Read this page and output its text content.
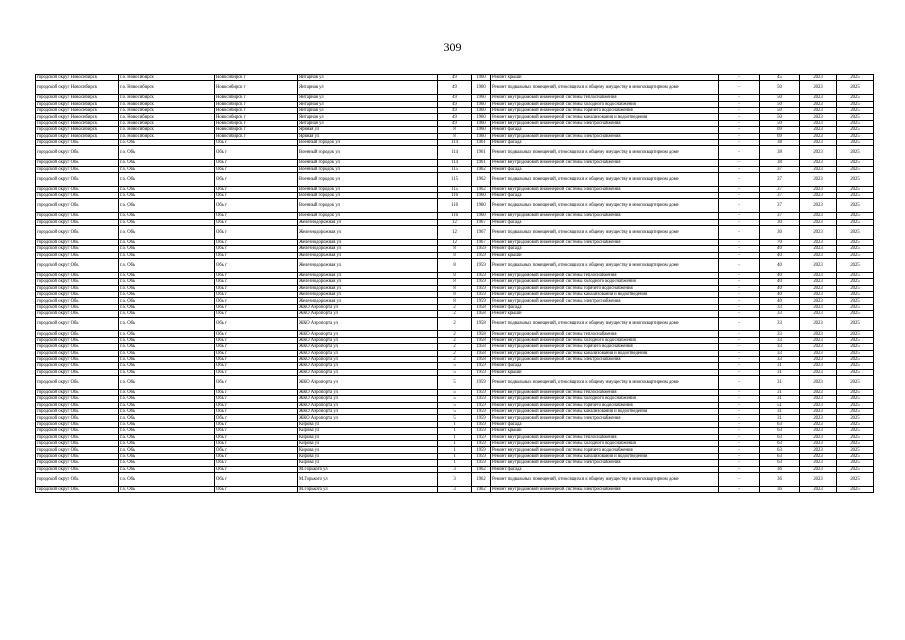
309
городской округ Новосибирск	г.о. Новосибирск	Новосибирск г	Янтарная ул	49	1960	Ремонт крыши	-	45	2023	2025
городской округ Новосибирск	г.о. Новосибирск	Новосибирск г	Янтарная ул	49	1960	Ремонт подвальных помещений, относящихся к общему имуществу в многоквартирном доме	-	50	2023	2025
городской округ Новосибирск	г.о. Новосибирск	Новосибирск г	Янтарная ул	49	1960	Ремонт внутридомовой инженерной системы теплоснабжения	-	50	2023	2025
городской округ Новосибирск	г.о. Новосибирск	Новосибирск г	Янтарная ул	49	1960	Ремонт внутридомовой инженерной системы холодного водоснабжения	-	50	2023	2025
городской округ Новосибирск	г.о. Новосибирск	Новосибирск г	Янтарная ул	49	1960	Ремонт внутридомовой инженерной системы горячего водоснабжения	-	50	2023	2025
городской округ Новосибирск	г.о. Новосибирск	Новосибирск г	Янтарная ул	49	1960	Ремонт внутридомовой инженерной системы канализования и водоотведения	-	50	2023	2025
городской округ Новосибирск	г.о. Новосибирск	Новосибирск г	Янтарная ул	49	1960	Ремонт внутридомовой инженерной системы электроснабжения	-	50	2023	2025
городской округ Новосибирск	г.о. Новосибирск	Новосибирск г	Ярвная ул	8	1960	Ремонт фасада	-	69	2023	2025
городской округ Новосибирск	г.о. Новосибирск	Новосибирск г	Ярвная ул	8	1960	Ремонт внутридомовой инженерной системы электроснабжения	-	69	2023	2025
городской округ Обь	г.о. Обь	Обь г	Военный городок ул	114	1961	Ремонт фасада	-	38	2023	2025
городской округ Обь	г.о. Обь	Обь г	Военный городок ул	114	1961	Ремонт подвальных помещений, относящихся к общему имуществу в многоквартирном доме	-	38	2023	2025
городской округ Обь	г.о. Обь	Обь г	Военный городок ул	114	1961	Ремонт внутридомовой инженерной системы электроснабжения	-	38	2023	2025
городской округ Обь	г.о. Обь	Обь г	Военный городок ул	115	1962	Ремонт фасада	-	37	2023	2025
городской округ Обь	г.о. Обь	Обь г	Военный городок ул	115	1962	Ремонт подвальных помещений, относящихся к общему имуществу в многоквартирном доме	-	37	2023	2025
городской округ Обь	г.о. Обь	Обь г	Военный городок ул	115	1962	Ремонт внутридомовой инженерной системы электроснабжения	-	37	2023	2025
городской округ Обь	г.о. Обь	Обь г	Военный городок ул	116	1960	Ремонт фасада	-	37	2023	2025
городской округ Обь	г.о. Обь	Обь г	Военный городок ул	116	1960	Ремонт подвальных помещений, относящихся к общему имуществу в многоквартирном доме	-	37	2023	2025
городской округ Обь	г.о. Обь	Обь г	Военный городок ул	116	1960	Ремонт внутридомовой инженерной системы электроснабжения	-	37	2023	2025
городской округ Обь	г.о. Обь	Обь г	Железнодорожная ул	12	1967	Ремонт фасада	-	30	2023	2025
городской округ Обь	г.о. Обь	Обь г	Железнодорожная ул	12	1967	Ремонт подвальных помещений, относящихся к общему имуществу в многоквартирном доме	-	30	2023	2025
городской округ Обь	г.о. Обь	Обь г	Железнодорожная ул	12	1967	Ремонт внутридомовой инженерной системы электроснабжения	-	70	2023	2025
городской округ Обь	г.о. Обь	Обь г	Железнодорожная ул	8	1959	Ремонт фасада	-	40	2023	2025
городской округ Обь	г.о. Обь	Обь г	Железнодорожная ул	8	1959	Ремонт крыши	-	40	2023	2025
городской округ Обь	г.о. Обь	Обь г	Железнодорожная ул	8	1959	Ремонт подвальных помещений, относящихся к общему имуществу в многоквартирном доме	-	40	2023	2025
городской округ Обь	г.о. Обь	Обь г	Железнодорожная ул	8	1959	Ремонт внутридомовой инженерной системы теплоснабжения	-	40	2023	2025
городской округ Обь	г.о. Обь	Обь г	Железнодорожная ул	8	1959	Ремонт внутридомовой инженерной системы холодного водоснабжения	-	40	2023	2025
городской округ Обь	г.о. Обь	Обь г	Железнодорожная ул	8	1959	Ремонт внутридомовой инженерной системы горячего водоснабжения	-	40	2023	2025
городской округ Обь	г.о. Обь	Обь г	Железнодорожная ул	8	1959	Ремонт внутридомовой инженерной системы канализования и водоотведения	-	40	2023	2025
городской округ Обь	г.о. Обь	Обь г	Железнодорожная ул	8	1959	Ремонт внутридомовой инженерной системы электроснабжения	-	40	2023	2025
городской округ Обь	г.о. Обь	Обь г	ЖКО Аэропорта ул	2	1958	Ремонт фасада	-	33	2023	2025
городской округ Обь	г.о. Обь	Обь г	ЖКО Аэропорта ул	2	1958	Ремонт крыши	-	33	2023	2025
городской округ Обь	г.о. Обь	Обь г	ЖКО Аэропорта ул	2	1958	Ремонт подвальных помещений, относящихся к общему имуществу в многоквартирном доме	-	33	2023	2025
городской округ Обь	г.о. Обь	Обь г	ЖКО Аэропорта ул	2	1958	Ремонт внутридомовой инженерной системы теплоснабжения	-	33	2023	2025
городской округ Обь	г.о. Обь	Обь г	ЖКО Аэропорта ул	2	1958	Ремонт внутридомовой инженерной системы холодного водоснабжения	-	33	2023	2025
городской округ Обь	г.о. Обь	Обь г	ЖКО Аэропорта ул	2	1958	Ремонт внутридомовой инженерной системы горячего водоснабжения	-	33	2023	2025
городской округ Обь	г.о. Обь	Обь г	ЖКО Аэропорта ул	2	1958	Ремонт внутридомовой инженерной системы канализования и водоотведения	-	33	2023	2025
городской округ Обь	г.о. Обь	Обь г	ЖКО Аэропорта ул	2	1958	Ремонт внутридомовой инженерной системы электроснабжения	-	33	2023	2025
городской округ Обь	г.о. Обь	Обь г	ЖКО Аэропорта ул	5	1959	Ремонт фасада	-	31	2023	2025
городской округ Обь	г.о. Обь	Обь г	ЖКО Аэропорта ул	5	1959	Ремонт крыши	-	31	2023	2025
городской округ Обь	г.о. Обь	Обь г	ЖКО Аэропорта ул	5	1959	Ремонт подвальных помещений, относящихся к общему имуществу в многоквартирном доме	-	31	2023	2025
городской округ Обь	г.о. Обь	Обь г	ЖКО Аэропорта ул	5	1959	Ремонт внутридомовой инженерной системы теплоснабжения	-	31	2023	2025
городской округ Обь	г.о. Обь	Обь г	ЖКО Аэропорта ул	5	1959	Ремонт внутридомовой инженерной системы холодного водоснабжения	-	31	2023	2025
городской округ Обь	г.о. Обь	Обь г	ЖКО Аэропорта ул	5	1959	Ремонт внутридомовой инженерной системы горячего водоснабжения	-	51	2023	2025
городской округ Обь	г.о. Обь	Обь г	ЖКО Аэропорта ул	5	1959	Ремонт внутридомовой инженерной системы канализования и водоотведения	-	31	2023	2025
городской округ Обь	г.о. Обь	Обь г	ЖКО Аэропорта ул	5	1959	Ремонт внутридомовой инженерной системы электроснабжения	-	31	2023	2025
городской округ Обь	г.о. Обь	Обь г	Кирова ул	1	1959	Ремонт фасада	-	63	2023	2025
городской округ Обь	г.о. Обь	Обь г	Кирова ул	1	1959	Ремонт крыши	-	63	2023	2025
городской округ Обь	г.о. Обь	Обь г	Кирова ул	1	1959	Ремонт внутридомовой инженерной системы теплоснабжения	-	63	2023	2025
городской округ Обь	г.о. Обь	Обь г	Кирова ул	1	1959	Ремонт внутридомовой инженерной системы холодного водоснабжения	-	63	2023	2025
городской округ Обь	г.о. Обь	Обь г	Кирова ул	1	1959	Ремонт внутридомовой инженерной системы горячего водоснабжения	-	63	2023	2025
городской округ Обь	г.о. Обь	Обь г	Кирова ул	1	1959	Ремонт внутридомовой инженерной системы канализования и водоотведения	-	63	2023	2025
городской округ Обь	г.о. Обь	Обь г	Кирова ул	1	1959	Ремонт внутридомовой инженерной системы электроснабжения	-	63	2023	2025
городской округ Обь	г.о. Обь	Обь г	М.Горького ул	3	1962	Ремонт фасада	-	36	2023	2025
городской округ Обь	г.о. Обь	Обь г	М.Горького ул	3	1962	Ремонт подвальных помещений, относящихся к общему имуществу в многоквартирном доме	-	36	2023	2025
городской округ Обь	г.о. Обь	Обь г	М.Горького ул	3	1962	Ремонт внутридомовой инженерной системы электроснабжения	-	36	2023	2025
